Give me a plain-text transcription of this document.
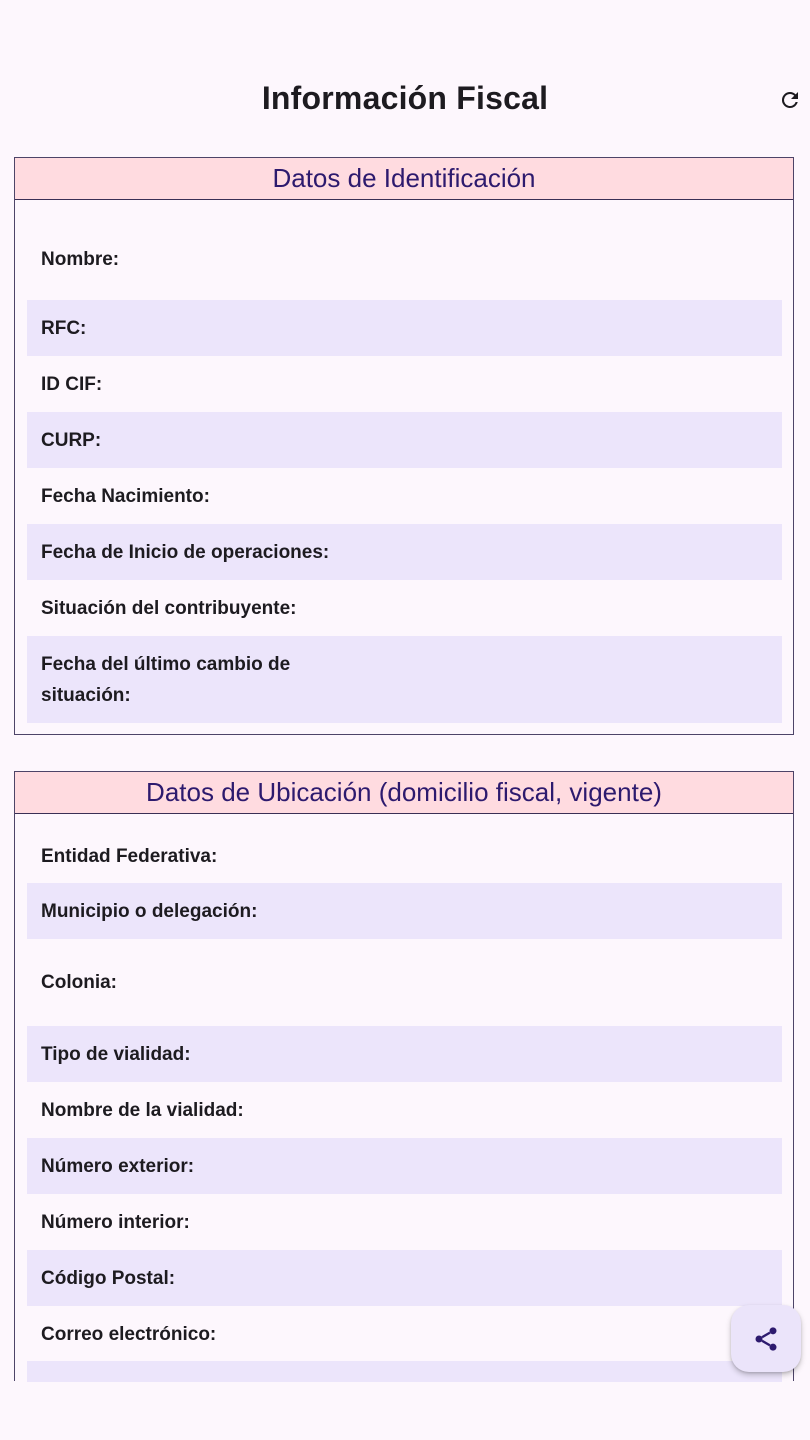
Información Fiscal
Datos de Identificación
Nombre:
RFC:
ID CIF:
CURP:
Fecha Nacimiento:
Fecha de Inicio de operaciones:
Situación del contribuyente:
Fecha del último cambio de
situación:
Datos de Ubicación (domicilio fiscal, vigente)
Entidad Federativa:
Municipio o delegación:
Colonia:
Tipo de vialidad:
Nombre de la vialidad:
Número exterior:
Número interior:
Código Postal:
Correo electrónico:
